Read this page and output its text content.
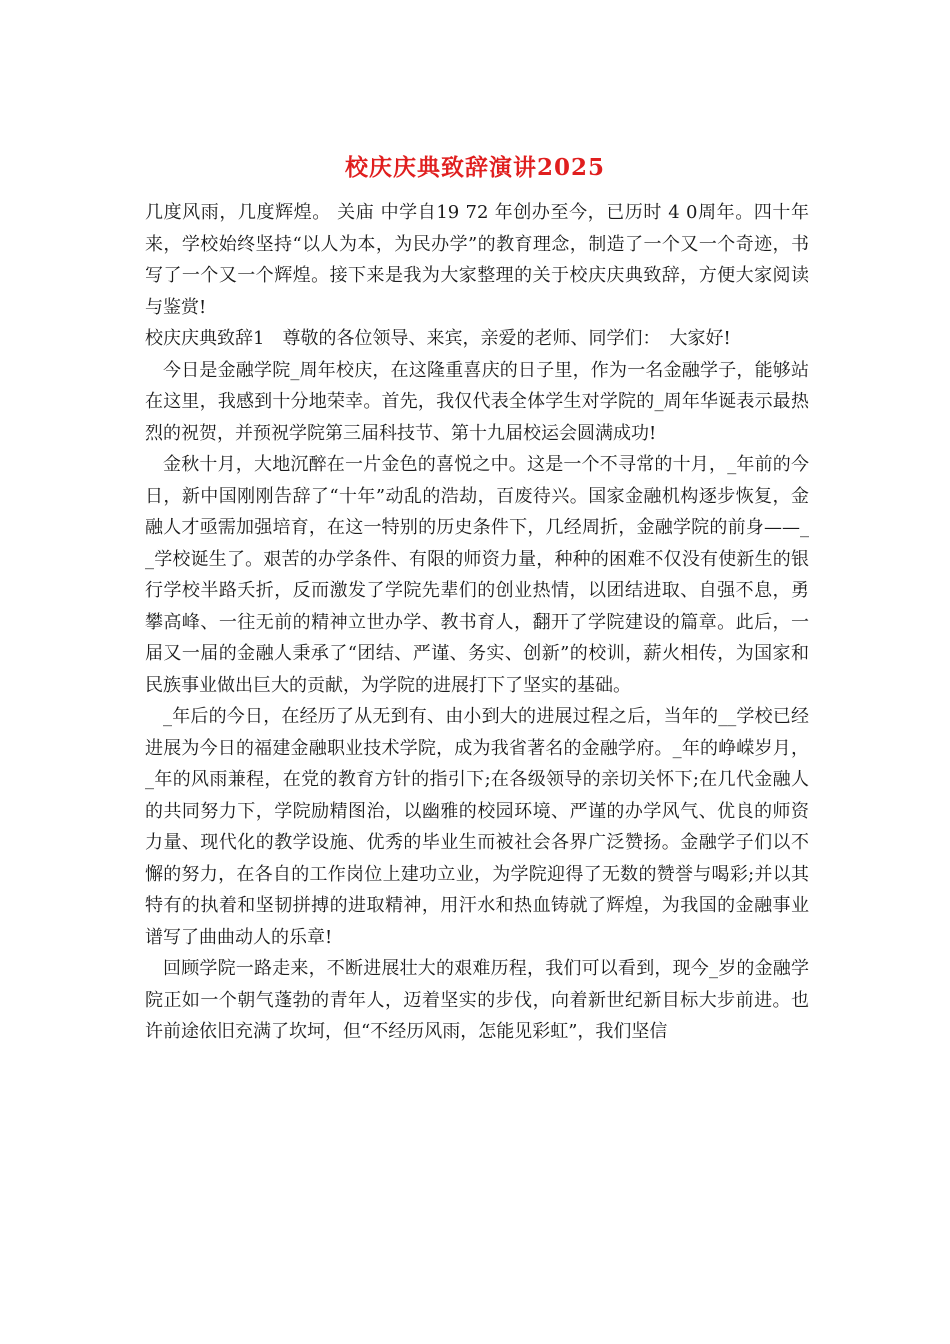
校庆庆典致辞演讲2025

几度风雨，几度辉煌。 关庙 中学自19 72 年创办至今，已历时 4 0周年。四十年来，学校始终坚持“以人为本，为民办学”的教育理念，制造了一个又一个奇迹，书写了一个又一个辉煌。接下来是我为大家整理的关于校庆庆典致辞，方便大家阅读与鉴赏!

校庆庆典致辞1　尊敬的各位领导、来宾，亲爱的老师、同学们：　大家好!

今日是金融学院_周年校庆，在这隆重喜庆的日子里，作为一名金融学子，能够站在这里，我感到十分地荣幸。首先，我仅代表全体学生对学院的_周年华诞表示最热烈的祝贺，并预祝学院第三届科技节、第十九届校运会圆满成功!

金秋十月，大地沉醉在一片金色的喜悦之中。这是一个不寻常的十月，_年前的今日，新中国刚刚告辞了“十年”动乱的浩劫，百废待兴。国家金融机构逐步恢复，金融人才亟需加强培育，在这一特别的历史条件下，几经周折，金融学院的前身——__学校诞生了。艰苦的办学条件、有限的师资力量，种种的困难不仅没有使新生的银行学校半路夭折，反而激发了学院先辈们的创业热情，以团结进取、自强不息，勇攀高峰、一往无前的精神立世办学、教书育人，翻开了学院建设的篇章。此后，一届又一届的金融人秉承了“团结、严谨、务实、创新”的校训，薪火相传，为国家和民族事业做出巨大的贡献，为学院的进展打下了坚实的基础。

_年后的今日，在经历了从无到有、由小到大的进展过程之后，当年的__学校已经进展为今日的福建金融职业技术学院，成为我省著名的金融学府。_年的峥嵘岁月，_年的风雨兼程，在党的教育方针的指引下;在各级领导的亲切关怀下;在几代金融人的共同努力下，学院励精图治，以幽雅的校园环境、严谨的办学风气、优良的师资力量、现代化的教学设施、优秀的毕业生而被社会各界广泛赞扬。金融学子们以不懈的努力，在各自的工作岗位上建功立业，为学院迎得了无数的赞誉与喝彩;并以其特有的执着和坚韧拼搏的进取精神，用汗水和热血铸就了辉煌，为我国的金融事业谱写了曲曲动人的乐章!

回顾学院一路走来，不断进展壮大的艰难历程，我们可以看到，现今_岁的金融学院正如一个朝气蓬勃的青年人，迈着坚实的步伐，向着新世纪新目标大步前进。也许前途依旧充满了坎坷，但“不经历风雨，怎能见彩虹”，我们坚信
